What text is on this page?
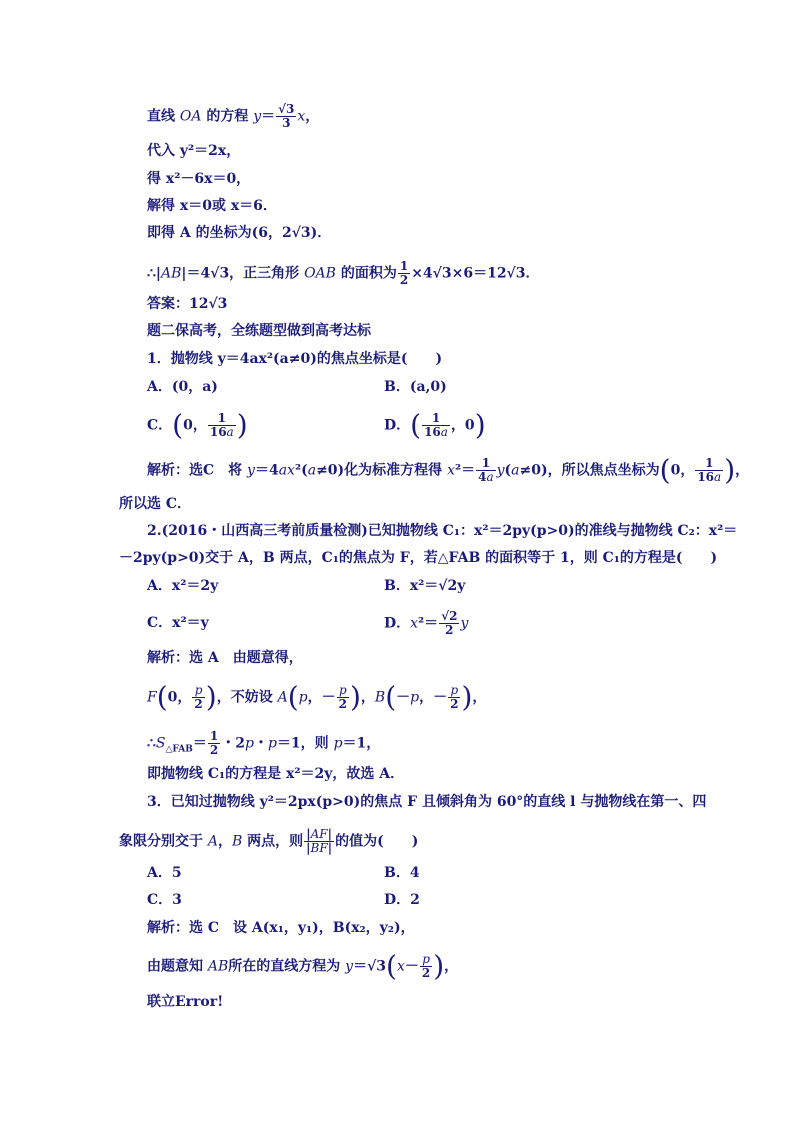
直线 OA 的方程 $y= \frac{√3}{3}$ x，
代入 y²＝2x，
得 x²－6x＝0，
解得 x＝0或 x＝6．
即得 A 的坐标为(6，2√3)．
∴|AB|＝4√3，正三角形 OAB 的面积为 $\frac{1}{2} \times 4√3\times 6=12√3$．
答案：12√3
题二保高考，全练题型做到高考达标
1．抛物线 y＝4ax²(a≠0)的焦点坐标是(　　)
A．(0，a)	B．(a,0)
C．(0， $\frac{1}{16a}$ )	D．( $\frac{1}{16a}$ ，0)
解析：选C　将 y＝4ax²(a≠0)化为标准方程得 $x^2= \frac{1}{4a} y(a\ne 0)$，所以焦点坐标为(0， $\frac{1}{16a}$ )，
所以选 C．
2.(2016・山西高三考前质量检测)已知抛物线 C₁：x²＝2py(p>0)的准线与抛物线 C₂：x²＝
－2py(p>0)交于 A，B 两点，C₁的焦点为 F，若△FAB 的面积等于 1，则 C₁的方程是(　　)
A．x²＝2y	B．x²＝√2y
C．x²＝y	D．$x^2= \frac{√2}{2}$ y
解析：选 A　由题意得，
F(0， $\frac{p}{2}$ )，不妨设 A(p，－ $\frac{p}{2}$ )，B(－p，－ $\frac{p}{2}$ )，
$\therefore S_{\triangle FAB}= \frac{1}{2}$ ・2p・p＝1，则 p＝1，
即抛物线 C₁的方程是 x²＝2y，故选 A．
3．已知过抛物线 y²＝2px(p>0)的焦点 F 且倾斜角为 60°的直线 l 与抛物线在第一、四
象限分别交于 A，B 两点，则 $\frac{|AF|}{|BF|}$ 的值为(　　)
A．5	B．4
C．3	D．2
解析：选 C　设 A(x₁，y₁)，B(x₂，y₂)，
由题意知 AB所在的直线方程为 $y=√3(x- \frac{p}{2}$ )，
联立Error!
